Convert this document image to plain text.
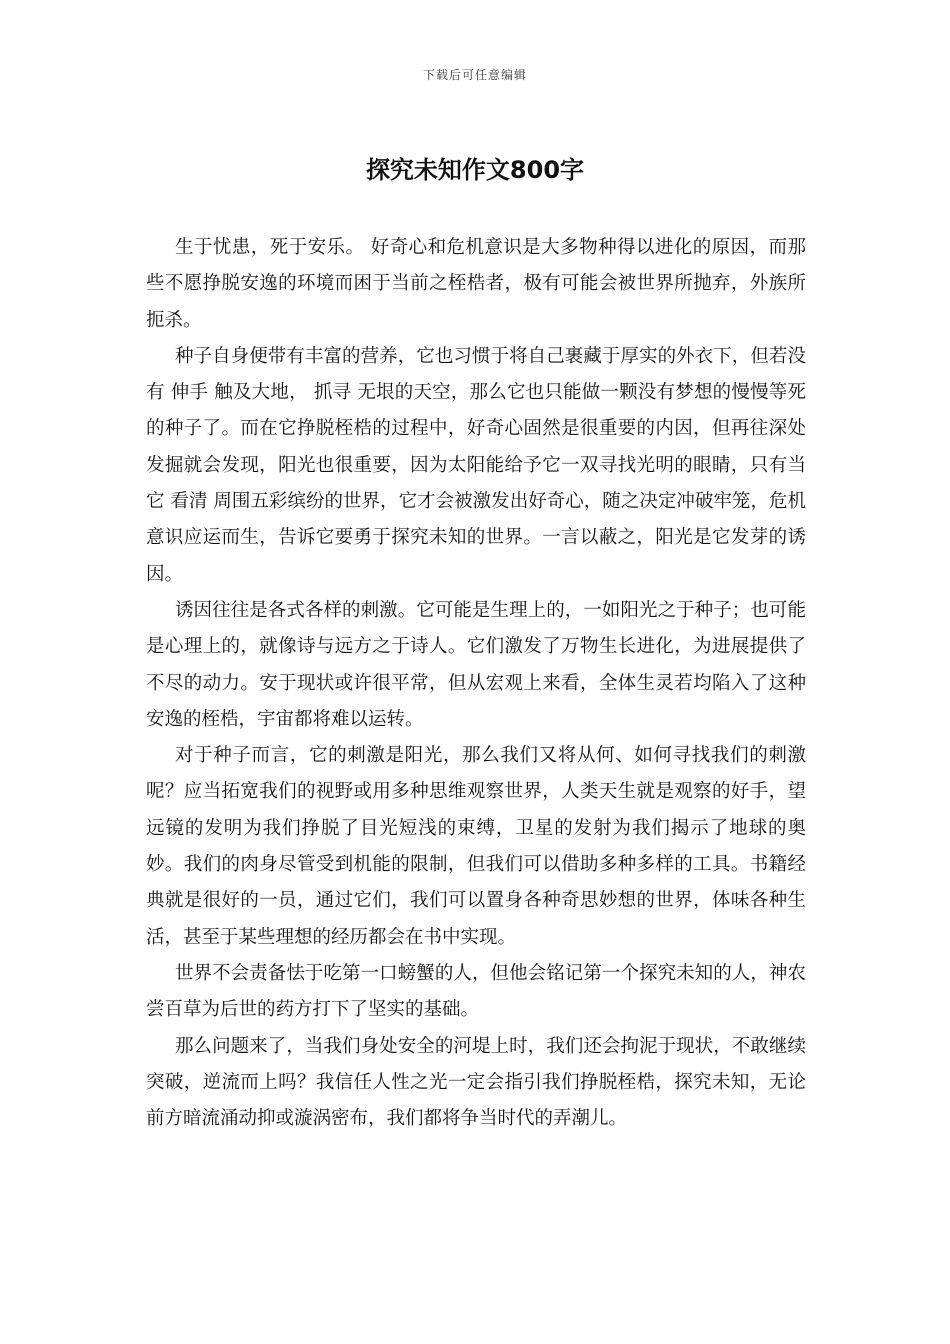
下载后可任意编辑
探究未知作文800字

生于忧患，死于安乐。 好奇心和危机意识是大多物种得以进化的原因，而那些不愿挣脱安逸的环境而困于当前之桎梏者，极有可能会被世界所抛弃，外族所扼杀。

种子自身便带有丰富的营养，它也习惯于将自己裹藏于厚实的外衣下，但若没有 伸手 触及大地， 抓寻 无垠的天空，那么它也只能做一颗没有梦想的慢慢等死的种子了。而在它挣脱桎梏的过程中，好奇心固然是很重要的内因，但再往深处发掘就会发现，阳光也很重要，因为太阳能给予它一双寻找光明的眼睛，只有当它 看清 周围五彩缤纷的世界，它才会被激发出好奇心，随之决定冲破牢笼，危机意识应运而生，告诉它要勇于探究未知的世界。一言以蔽之，阳光是它发芽的诱因。

诱因往往是各式各样的刺激。它可能是生理上的，一如阳光之于种子；也可能是心理上的，就像诗与远方之于诗人。它们激发了万物生长进化，为进展提供了不尽的动力。安于现状或许很平常，但从宏观上来看，全体生灵若均陷入了这种安逸的桎梏，宇宙都将难以运转。

对于种子而言，它的刺激是阳光，那么我们又将从何、如何寻找我们的刺激呢？应当拓宽我们的视野或用多种思维观察世界，人类天生就是观察的好手，望远镜的发明为我们挣脱了目光短浅的束缚，卫星的发射为我们揭示了地球的奥妙。我们的肉身尽管受到机能的限制，但我们可以借助多种多样的工具。书籍经典就是很好的一员，通过它们，我们可以置身各种奇思妙想的世界，体味各种生活，甚至于某些理想的经历都会在书中实现。

世界不会责备怯于吃第一口螃蟹的人，但他会铭记第一个探究未知的人，神农尝百草为后世的药方打下了坚实的基础。

那么问题来了，当我们身处安全的河堤上时，我们还会拘泥于现状，不敢继续突破，逆流而上吗？我信任人性之光一定会指引我们挣脱桎梏，探究未知，无论前方暗流涌动抑或漩涡密布，我们都将争当时代的弄潮儿。
